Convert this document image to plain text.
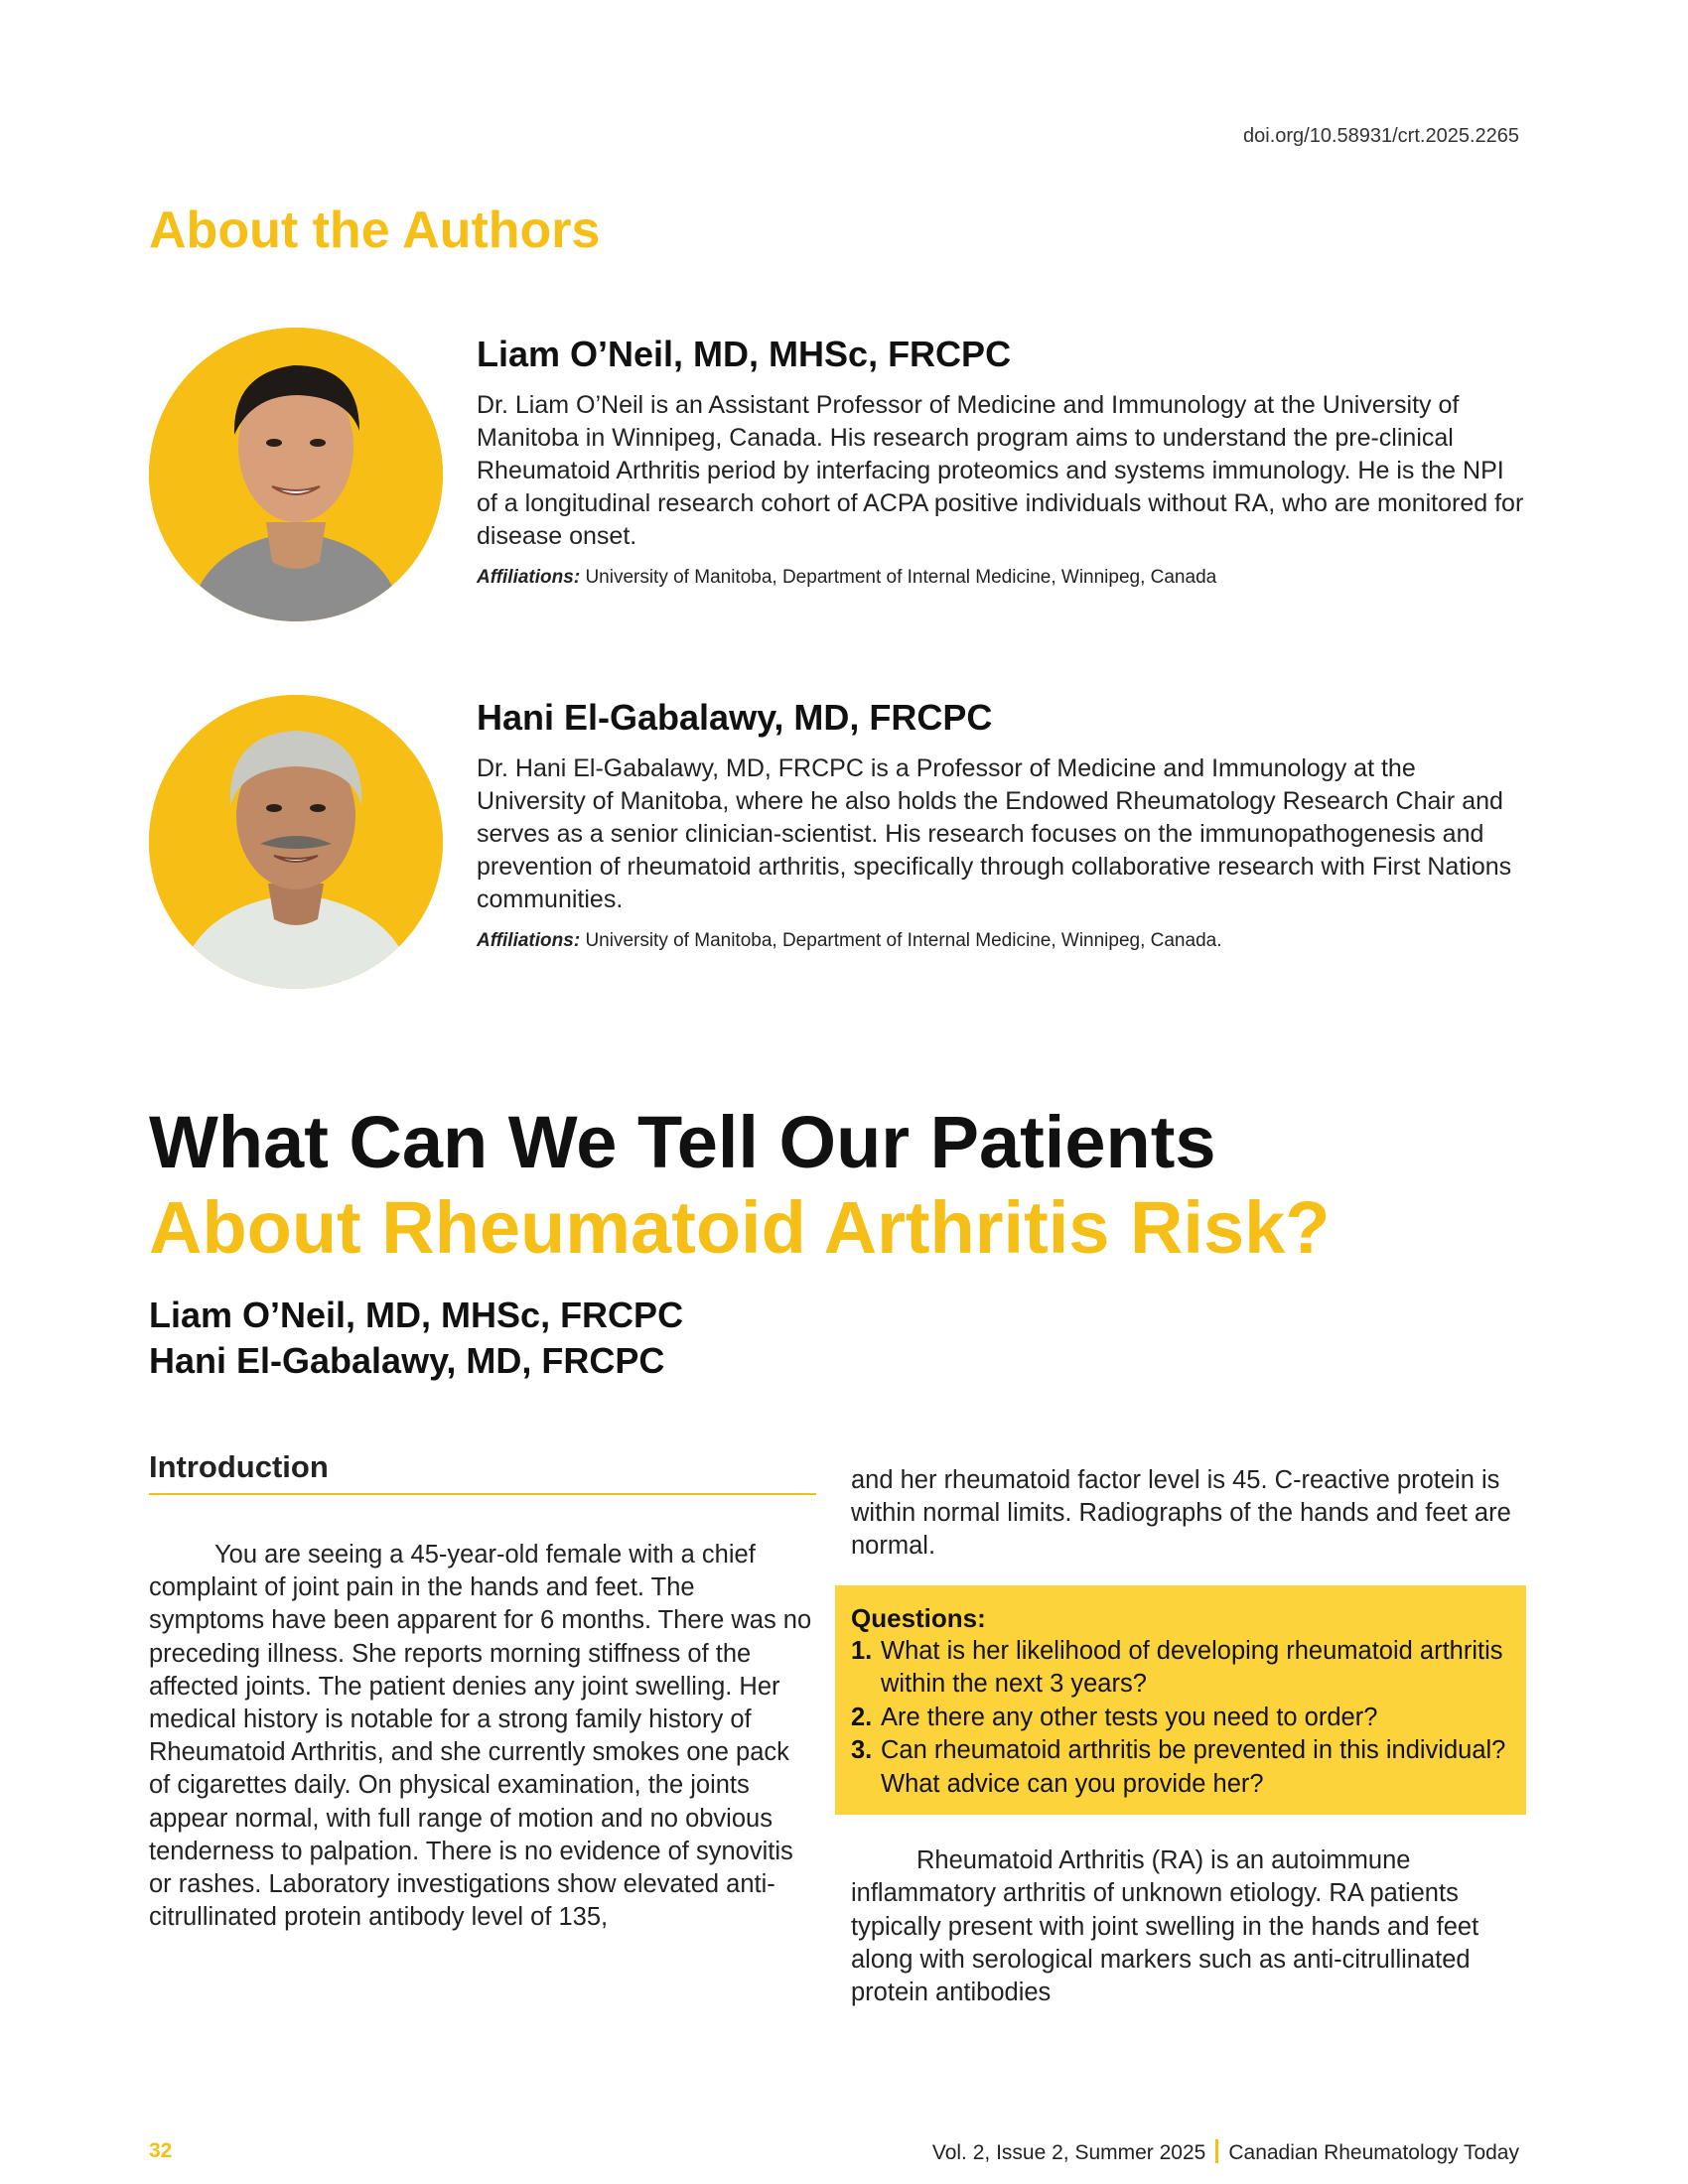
doi.org/10.58931/crt.2025.2265
About the Authors
Liam O’Neil, MD, MHSc, FRCPC

Dr. Liam O’Neil is an Assistant Professor of Medicine and Immunology at the University of Manitoba in Winnipeg, Canada. His research program aims to understand the pre-clinical Rheumatoid Arthritis period by interfacing proteomics and systems immunology. He is the NPI of a longitudinal research cohort of ACPA positive individuals without RA, who are monitored for disease onset.

Affiliations: University of Manitoba, Department of Internal Medicine, Winnipeg, Canada

Hani El-Gabalawy, MD, FRCPC

Dr. Hani El-Gabalawy, MD, FRCPC is a Professor of Medicine and Immunology at the University of Manitoba, where he also holds the Endowed Rheumatology Research Chair and serves as a senior clinician-scientist. His research focuses on the immunopathogenesis and prevention of rheumatoid arthritis, specifically through collaborative research with First Nations communities.

Affiliations: University of Manitoba, Department of Internal Medicine, Winnipeg, Canada.

What Can We Tell Our Patients
About Rheumatoid Arthritis Risk?
Liam O’Neil, MD, MHSc, FRCPC
Hani El-Gabalawy, MD, FRCPC
Introduction

You are seeing a 45-year-old female with a chief complaint of joint pain in the hands and feet. The symptoms have been apparent for 6 months. There was no preceding illness. She reports morning stiffness of the affected joints. The patient denies any joint swelling. Her medical history is notable for a strong family history of Rheumatoid Arthritis, and she currently smokes one pack of cigarettes daily. On physical examination, the joints appear normal, with full range of motion and no obvious tenderness to palpation. There is no evidence of synovitis or rashes. Laboratory investigations show elevated anti-citrullinated protein antibody level of 135,

and her rheumatoid factor level is 45. C-reactive protein is within normal limits. Radiographs of the hands and feet are normal.

Questions:
1. What is her likelihood of developing rheumatoid arthritis within the next 3 years?
2. Are there any other tests you need to order?
3. Can rheumatoid arthritis be prevented in this individual? What advice can you provide her?

Rheumatoid Arthritis (RA) is an autoimmune inflammatory arthritis of unknown etiology. RA patients typically present with joint swelling in the hands and feet along with serological markers such as anti-citrullinated protein antibodies

32	Vol. 2, Issue 2, Summer 2025 Canadian Rheumatology Today
